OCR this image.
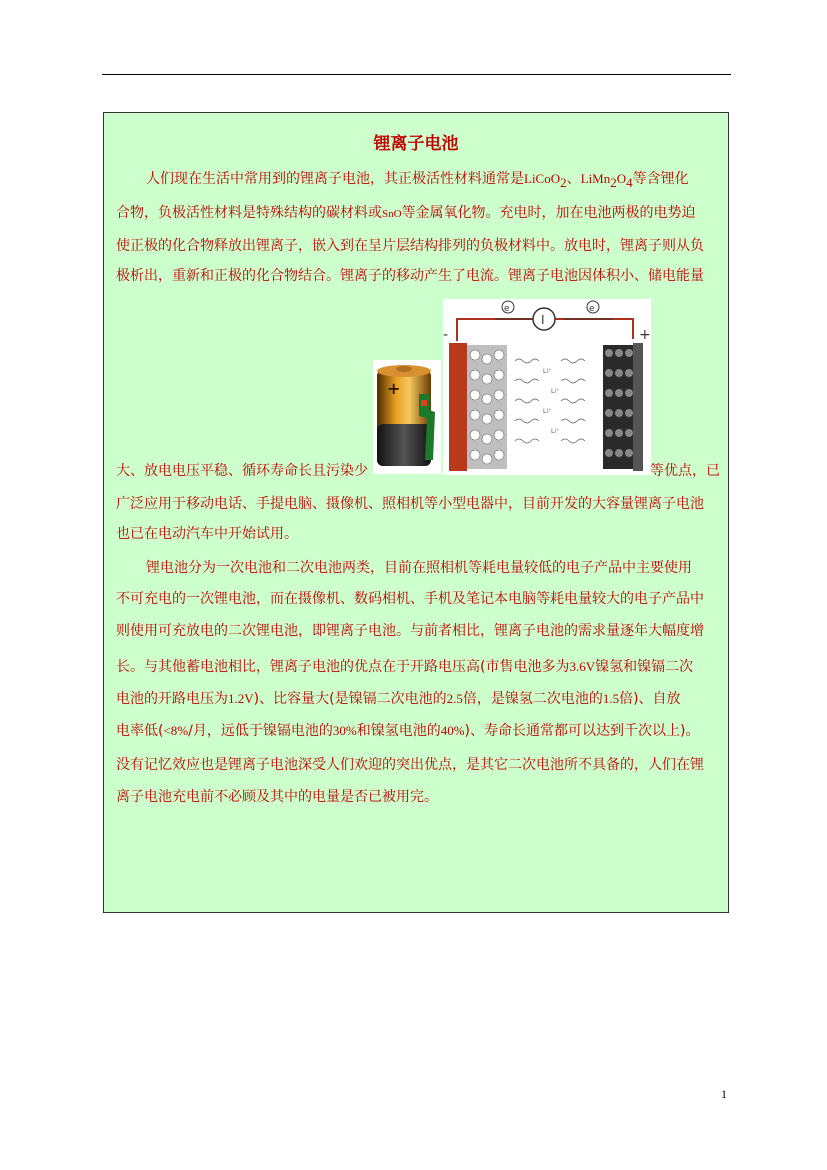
锂离子电池
人们现在生活中常用到的锂离子电池，其正极活性材料通常是LiCoO$_2$、$LiMn_2O_4$等含锂化
合物，负极活性材料是特殊结构的碳材料或SnO等金属氧化物。充电时，加在电池两极的电势迫
使正极的化合物释放出锂离子，嵌入到在呈片层结构排列的负极材料中。放电时，锂离子则从负
极析出，重新和正极的化合物结合。锂离子的移动产生了电流。锂离子电池因体积小、储电能量
+
I
e	e
-	+
Li⁺
Li⁺
Li⁺
Li⁺
大、放电电压平稳、循环寿命长且污染少	等优点，已
广泛应用于移动电话、手提电脑、摄像机、照相机等小型电器中，目前开发的大容量锂离子电池
也已在电动汽车中开始试用。
锂电池分为一次电池和二次电池两类，目前在照相机等耗电量较低的电子产品中主要使用
不可充电的一次锂电池，而在摄像机、数码相机、手机及笔记本电脑等耗电量较大的电子产品中
则使用可充放电的二次锂电池，即锂离子电池。与前者相比，锂离子电池的需求量逐年大幅度增
长。与其他蓄电池相比，锂离子电池的优点在于开路电压高(市售电池多为3.6V镍氢和镍镉二次
电池的开路电压为1.2V)、比容量大(是镍镉二次电池的2.5倍，是镍氢二次电池的1.5倍)、自放
电率低(<8%/月，远低于镍镉电池的30%和镍氢电池的40%)、寿命长通常都可以达到千次以上)。
没有记忆效应也是锂离子电池深受人们欢迎的突出优点，是其它二次电池所不具备的，人们在锂
离子电池充电前不必顾及其中的电量是否已被用完。
1
